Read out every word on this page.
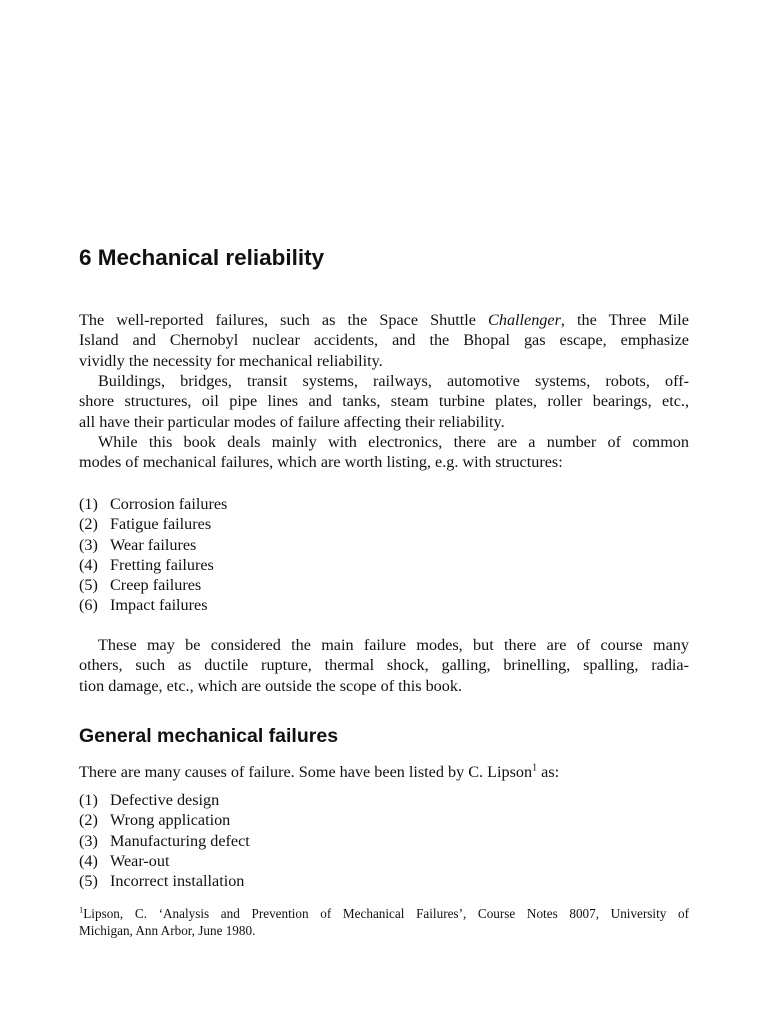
6 Mechanical reliability

The well-reported failures, such as the Space Shuttle Challenger, the Three Mile
Island and Chernobyl nuclear accidents, and the Bhopal gas escape, emphasize
vividly the necessity for mechanical reliability.

Buildings, bridges, transit systems, railways, automotive systems, robots, off-
shore structures, oil pipe lines and tanks, steam turbine plates, roller bearings, etc.,
all have their particular modes of failure affecting their reliability.

While this book deals mainly with electronics, there are a number of common
modes of mechanical failures, which are worth listing, e.g. with structures:

(1) Corrosion failures
(2) Fatigue failures
(3) Wear failures
(4) Fretting failures
(5) Creep failures
(6) Impact failures

These may be considered the main failure modes, but there are of course many
others, such as ductile rupture, thermal shock, galling, brinelling, spalling, radia-
tion damage, etc., which are outside the scope of this book.

General mechanical failures

There are many causes of failure. Some have been listed by C. Lipson$^1$ as:

(1) Defective design
(2) Wrong application
(3) Manufacturing defect
(4) Wear-out
(5) Incorrect installation
$^1$Lipson, C. ‘Analysis and Prevention of Mechanical Failures’, Course Notes 8007, University of
Michigan, Ann Arbor, June 1980.
